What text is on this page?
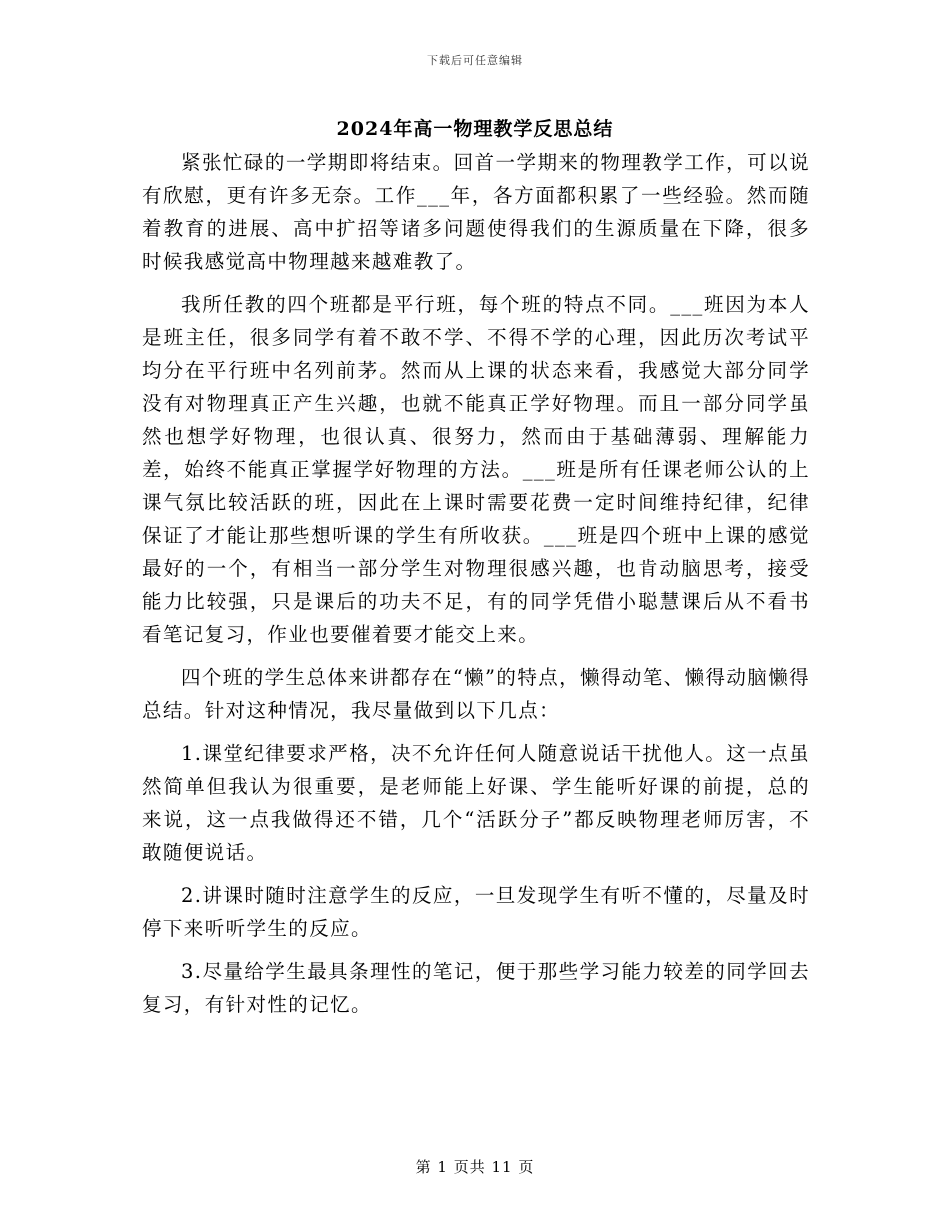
下载后可任意编辑
2024年高一物理教学反思总结

紧张忙碌的一学期即将结束。回首一学期来的物理教学工作，可以说有欣慰，更有许多无奈。工作___年，各方面都积累了一些经验。然而随着教育的进展、高中扩招等诸多问题使得我们的生源质量在下降，很多时候我感觉高中物理越来越难教了。

我所任教的四个班都是平行班，每个班的特点不同。___班因为本人是班主任，很多同学有着不敢不学、不得不学的心理，因此历次考试平均分在平行班中名列前茅。然而从上课的状态来看，我感觉大部分同学没有对物理真正产生兴趣，也就不能真正学好物理。而且一部分同学虽然也想学好物理，也很认真、很努力，然而由于基础薄弱、理解能力差，始终不能真正掌握学好物理的方法。___班是所有任课老师公认的上课气氛比较活跃的班，因此在上课时需要花费一定时间维持纪律，纪律保证了才能让那些想听课的学生有所收获。___班是四个班中上课的感觉最好的一个，有相当一部分学生对物理很感兴趣，也肯动脑思考，接受能力比较强，只是课后的功夫不足，有的同学凭借小聪慧课后从不看书看笔记复习，作业也要催着要才能交上来。

四个班的学生总体来讲都存在“懒”的特点，懒得动笔、懒得动脑懒得总结。针对这种情况，我尽量做到以下几点：

1.课堂纪律要求严格，决不允许任何人随意说话干扰他人。这一点虽然简单但我认为很重要，是老师能上好课、学生能听好课的前提，总的来说，这一点我做得还不错，几个“活跃分子”都反映物理老师厉害，不敢随便说话。

2.讲课时随时注意学生的反应，一旦发现学生有听不懂的，尽量及时停下来听听学生的反应。

3.尽量给学生最具条理性的笔记，便于那些学习能力较差的同学回去复习，有针对性的记忆。

第 1 页共 11 页
